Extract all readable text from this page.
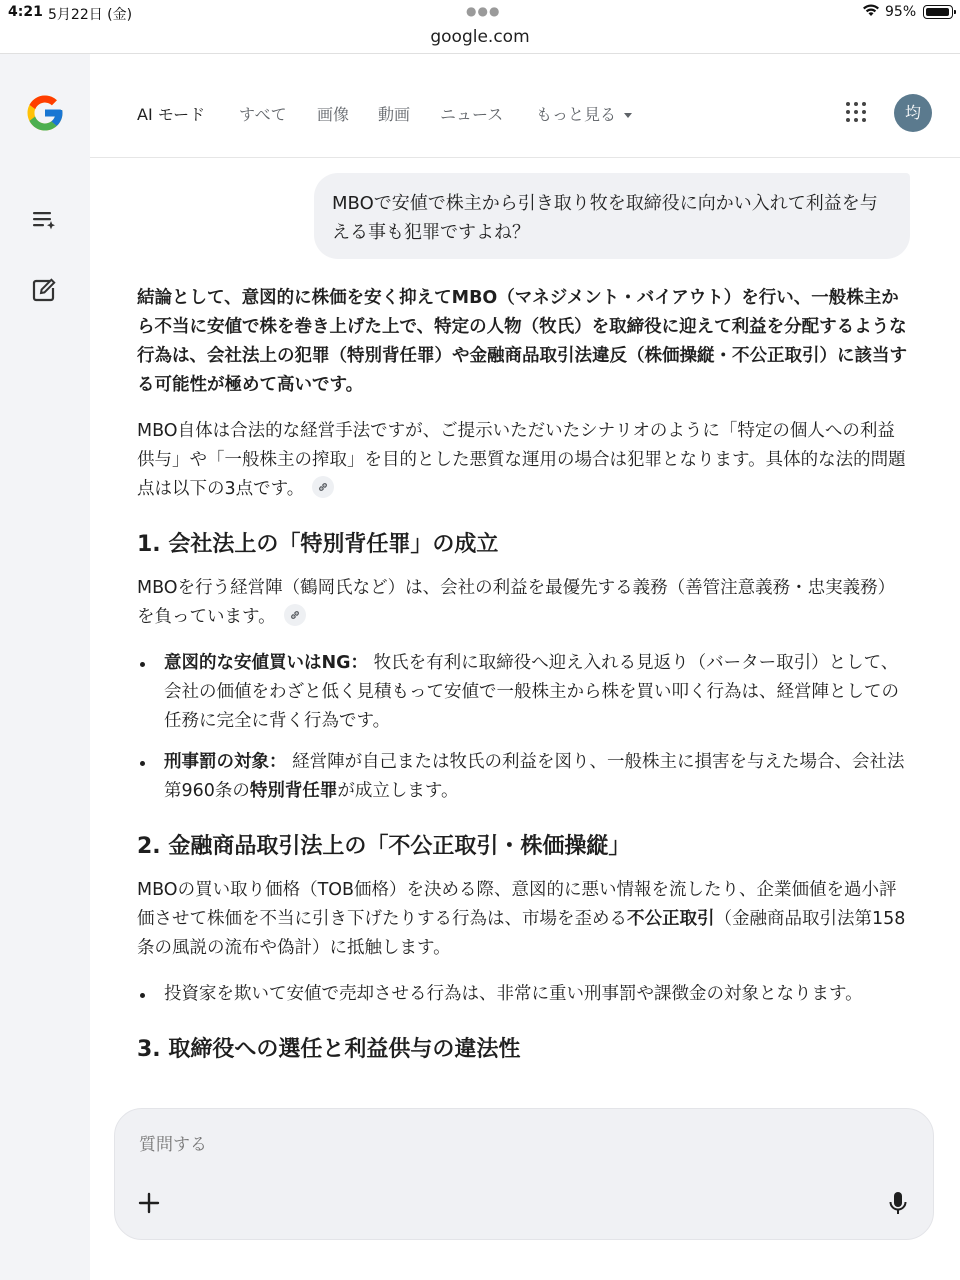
4:21 5月22日 (金)	●●●	95%
google.com
AI モード すべて 画像 動画 ニュース もっと見る	均
MBOで安値で株主から引き取り牧を取締役に向かい入れて利益を与える事も犯罪ですよね？

結論として、意図的に株価を安く抑えてMBO（マネジメント・バイアウト）を行い、一般株主から不当に安値で株を巻き上げた上で、特定の人物（牧氏）を取締役に迎えて利益を分配するような行為は、会社法上の犯罪（特別背任罪）や金融商品取引法違反（株価操縦・不公正取引）に該当する可能性が極めて高いです。

MBO自体は合法的な経営手法ですが、ご提示いただいたシナリオのように「特定の個人への利益供与」や「一般株主の搾取」を目的とした悪質な運用の場合は犯罪となります。具体的な法的問題点は以下の3点です。

1. 会社法上の「特別背任罪」の成立

MBOを行う経営陣（鶴岡氏など）は、会社の利益を最優先する義務（善管注意義務・忠実義務）を負っています。

意図的な安値買いはNG： 牧氏を有利に取締役へ迎え入れる見返り（バーター取引）として、会社の価値をわざと低く見積もって安値で一般株主から株を買い叩く行為は、経営陣としての任務に完全に背く行為です。
刑事罰の対象： 経営陣が自己または牧氏の利益を図り、一般株主に損害を与えた場合、会社法第960条の特別背任罪が成立します。
2. 金融商品取引法上の「不公正取引・株価操縦」

MBOの買い取り価格（TOB価格）を決める際、意図的に悪い情報を流したり、企業価値を過小評価させて株価を不当に引き下げたりする行為は、市場を歪める不公正取引（金融商品取引法第158条の風説の流布や偽計）に抵触します。

投資家を欺いて安値で売却させる行為は、非常に重い刑事罰や課徴金の対象となります。
3. 取締役への選任と利益供与の違法性
質問する
